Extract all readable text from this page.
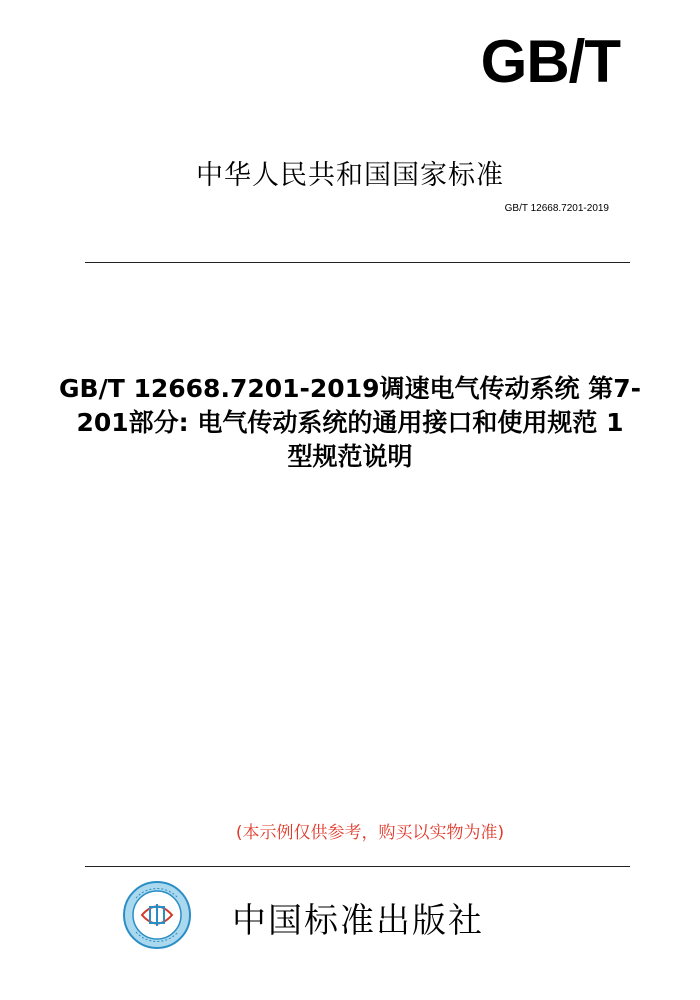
GB/T
中华人民共和国国家标准
GB/T 12668.7201-2019
GB/T 12668.7201-2019调速电气传动系统 第7-
201部分: 电气传动系统的通用接口和使用规范 1
型规范说明
(本示例仅供参考，购买以实物为准)
中国标准出版社
